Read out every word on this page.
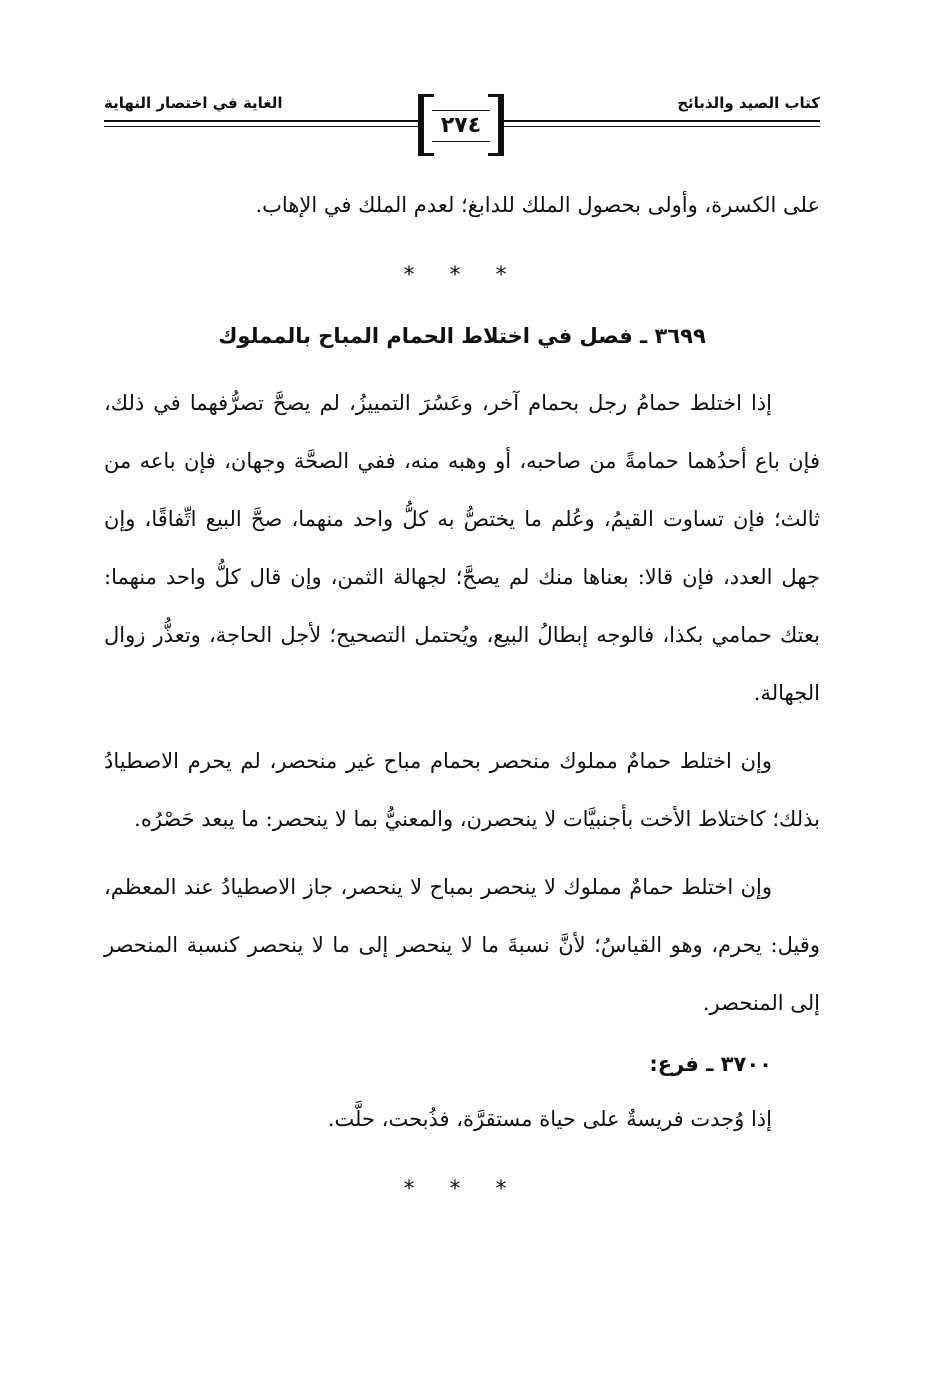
كتاب الصيد والذبائح
الغاية في اختصار النهاية
٢٧٤

على الكسرة، وأولى بحصول الملك للدابغ؛ لعدم الملك في الإهاب.

* * *
٣٦٩٩ ـ فصل في اختلاط الحمام المباح بالمملوك

إذا اختلط حمامُ رجل بحمام آخر، وعَسُرَ التمييزُ، لم يصحَّ تصرُّفهما في ذلك، فإن باع أحدُهما حمامةً من صاحبه، أو وهبه منه، ففي الصحَّة وجهان، فإن باعه من ثالث؛ فإن تساوت القيمُ، وعُلم ما يختصُّ به كلُّ واحد منهما، صحَّ البيع اتِّفاقًا، وإن جهل العدد، فإن قالا: بعناها منك لم يصحَّ؛ لجهالة الثمن، وإن قال كلُّ واحد منهما: بعتك حمامي بكذا، فالوجه إبطالُ البيع، ويُحتمل التصحيح؛ لأجل الحاجة، وتعذُّر زوال الجهالة.

وإن اختلط حمامٌ مملوك منحصر بحمام مباح غير منحصر، لم يحرم الاصطيادُ بذلك؛ كاختلاط الأخت بأجنبيَّات لا ينحصرن، والمعنيُّ بما لا ينحصر: ما يبعد حَصْرُه.

وإن اختلط حمامٌ مملوك لا ينحصر بمباح لا ينحصر، جاز الاصطيادُ عند المعظم، وقيل: يحرم، وهو القياسُ؛ لأنَّ نسبةَ ما لا ينحصر إلى ما لا ينحصر كنسبة المنحصر إلى المنحصر.

٣٧٠٠ ـ فرع:

إذا وُجدت فريسةٌ على حياة مستقرَّة، فذُبحت، حلَّت.

* * *
